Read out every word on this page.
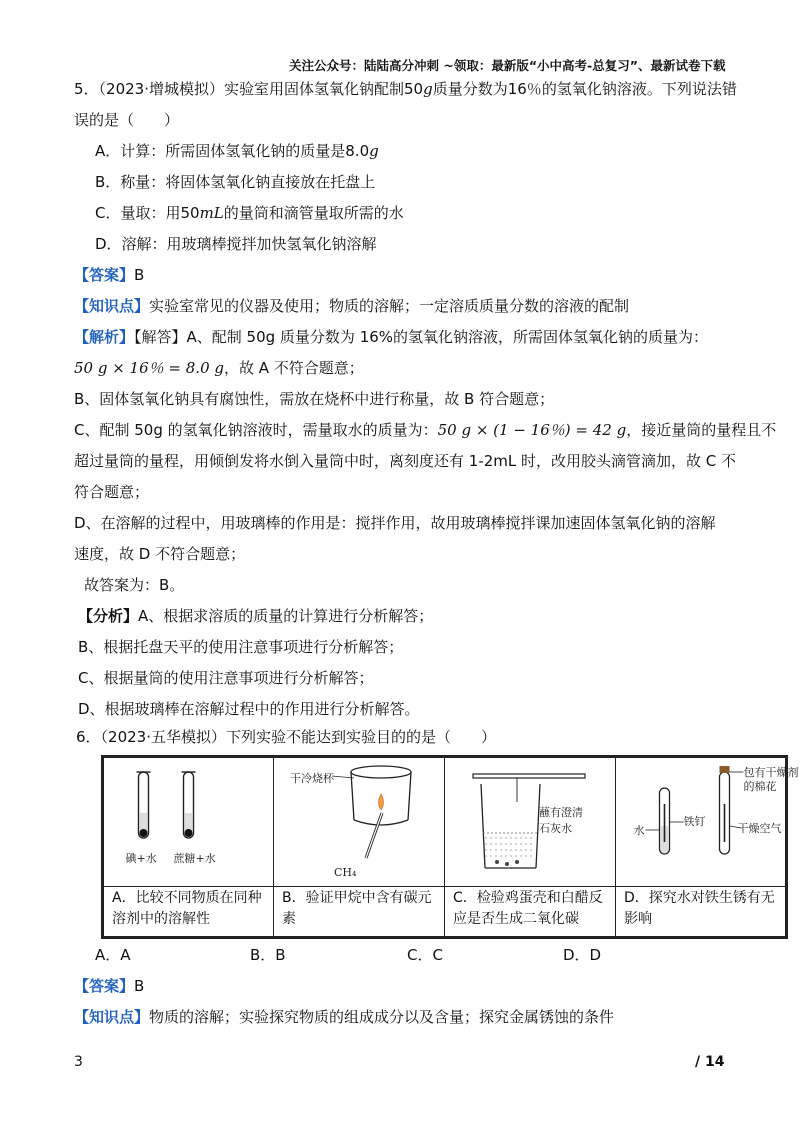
关注公众号：陆陆高分冲刺 ~领取：最新版“小中高考-总复习”、最新试卷下载
5．（2023·增城模拟）实验室用固体氢氧化钠配制50g质量分数为16％的氢氧化钠溶液。下列说法错
误的是（　　）
A．计算：所需固体氢氧化钠的质量是8.0g
B．称量：将固体氢氧化钠直接放在托盘上
C．量取：用50mL的量筒和滴管量取所需的水
D．溶解：用玻璃棒搅拌加快氢氧化钠溶解
【答案】B
【知识点】实验室常见的仪器及使用；物质的溶解；一定溶质质量分数的溶液的配制
【解析】【解答】A、配制 50g 质量分数为 16%的氢氧化钠溶液，所需固体氢氧化钠的质量为：
50 g × 16％ = 8.0 g，故 A 不符合题意；
B、固体氢氧化钠具有腐蚀性，需放在烧杯中进行称量，故 B 符合题意；
C、配制 50g 的氢氧化钠溶液时，需量取水的质量为：50 g × (1 − 16％) = 42 g，接近量筒的量程且不
超过量筒的量程，用倾倒发将水倒入量筒中时，离刻度还有 1-2mL 时，改用胶头滴管滴加，故 C 不
符合题意；
D、在溶解的过程中，用玻璃棒的作用是：搅拌作用，故用玻璃棒搅拌课加速固体氢氧化钠的溶解
速度，故 D 不符合题意；
故答案为：B。
【分析】A、根据求溶质的质量的计算进行分析解答；
B、根据托盘天平的使用注意事项进行分析解答；
C、根据量筒的使用注意事项进行分析解答；
D、根据玻璃棒在溶解过程中的作用进行分析解答。
6．（2023·五华模拟）下列实验不能达到实验目的的是（　　）
碘+水 蔗糖+水	干冷烧杯
CH₄	蘸有澄清
石灰水	包有干燥剂
的棉花
铁钉
水 干燥空气

A．比较不同物质在同种溶剂中的溶解性	B．验证甲烷中含有碳元素	C．检验鸡蛋壳和白醋反应是否生成二氧化碳	D．探究水对铁生锈有无影响
A．A	B．B	C．C	D．D
【答案】B
【知识点】物质的溶解；实验探究物质的组成成分以及含量；探究金属锈蚀的条件
3	/ 14
